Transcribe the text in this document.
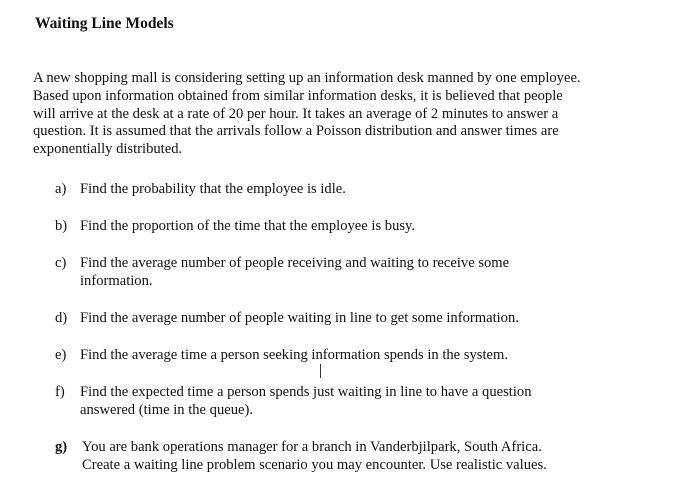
Waiting Line Models
A new shopping mall is considering setting up an information desk manned by one employee.
Based upon information obtained from similar information desks, it is believed that people
will arrive at the desk at a rate of 20 per hour. It takes an average of 2 minutes to answer a
question. It is assumed that the arrivals follow a Poisson distribution and answer times are
exponentially distributed.
a) Find the probability that the employee is idle.
b) Find the proportion of the time that the employee is busy.
c) Find the average number of people receiving and waiting to receive some
information.
d) Find the average number of people waiting in line to get some information.
e) Find the average time a person seeking information spends in the system.
f) Find the expected time a person spends just waiting in line to have a question
answered (time in the queue).
g) You are bank operations manager for a branch in Vanderbjilpark, South Africa.
Create a waiting line problem scenario you may encounter. Use realistic values.
